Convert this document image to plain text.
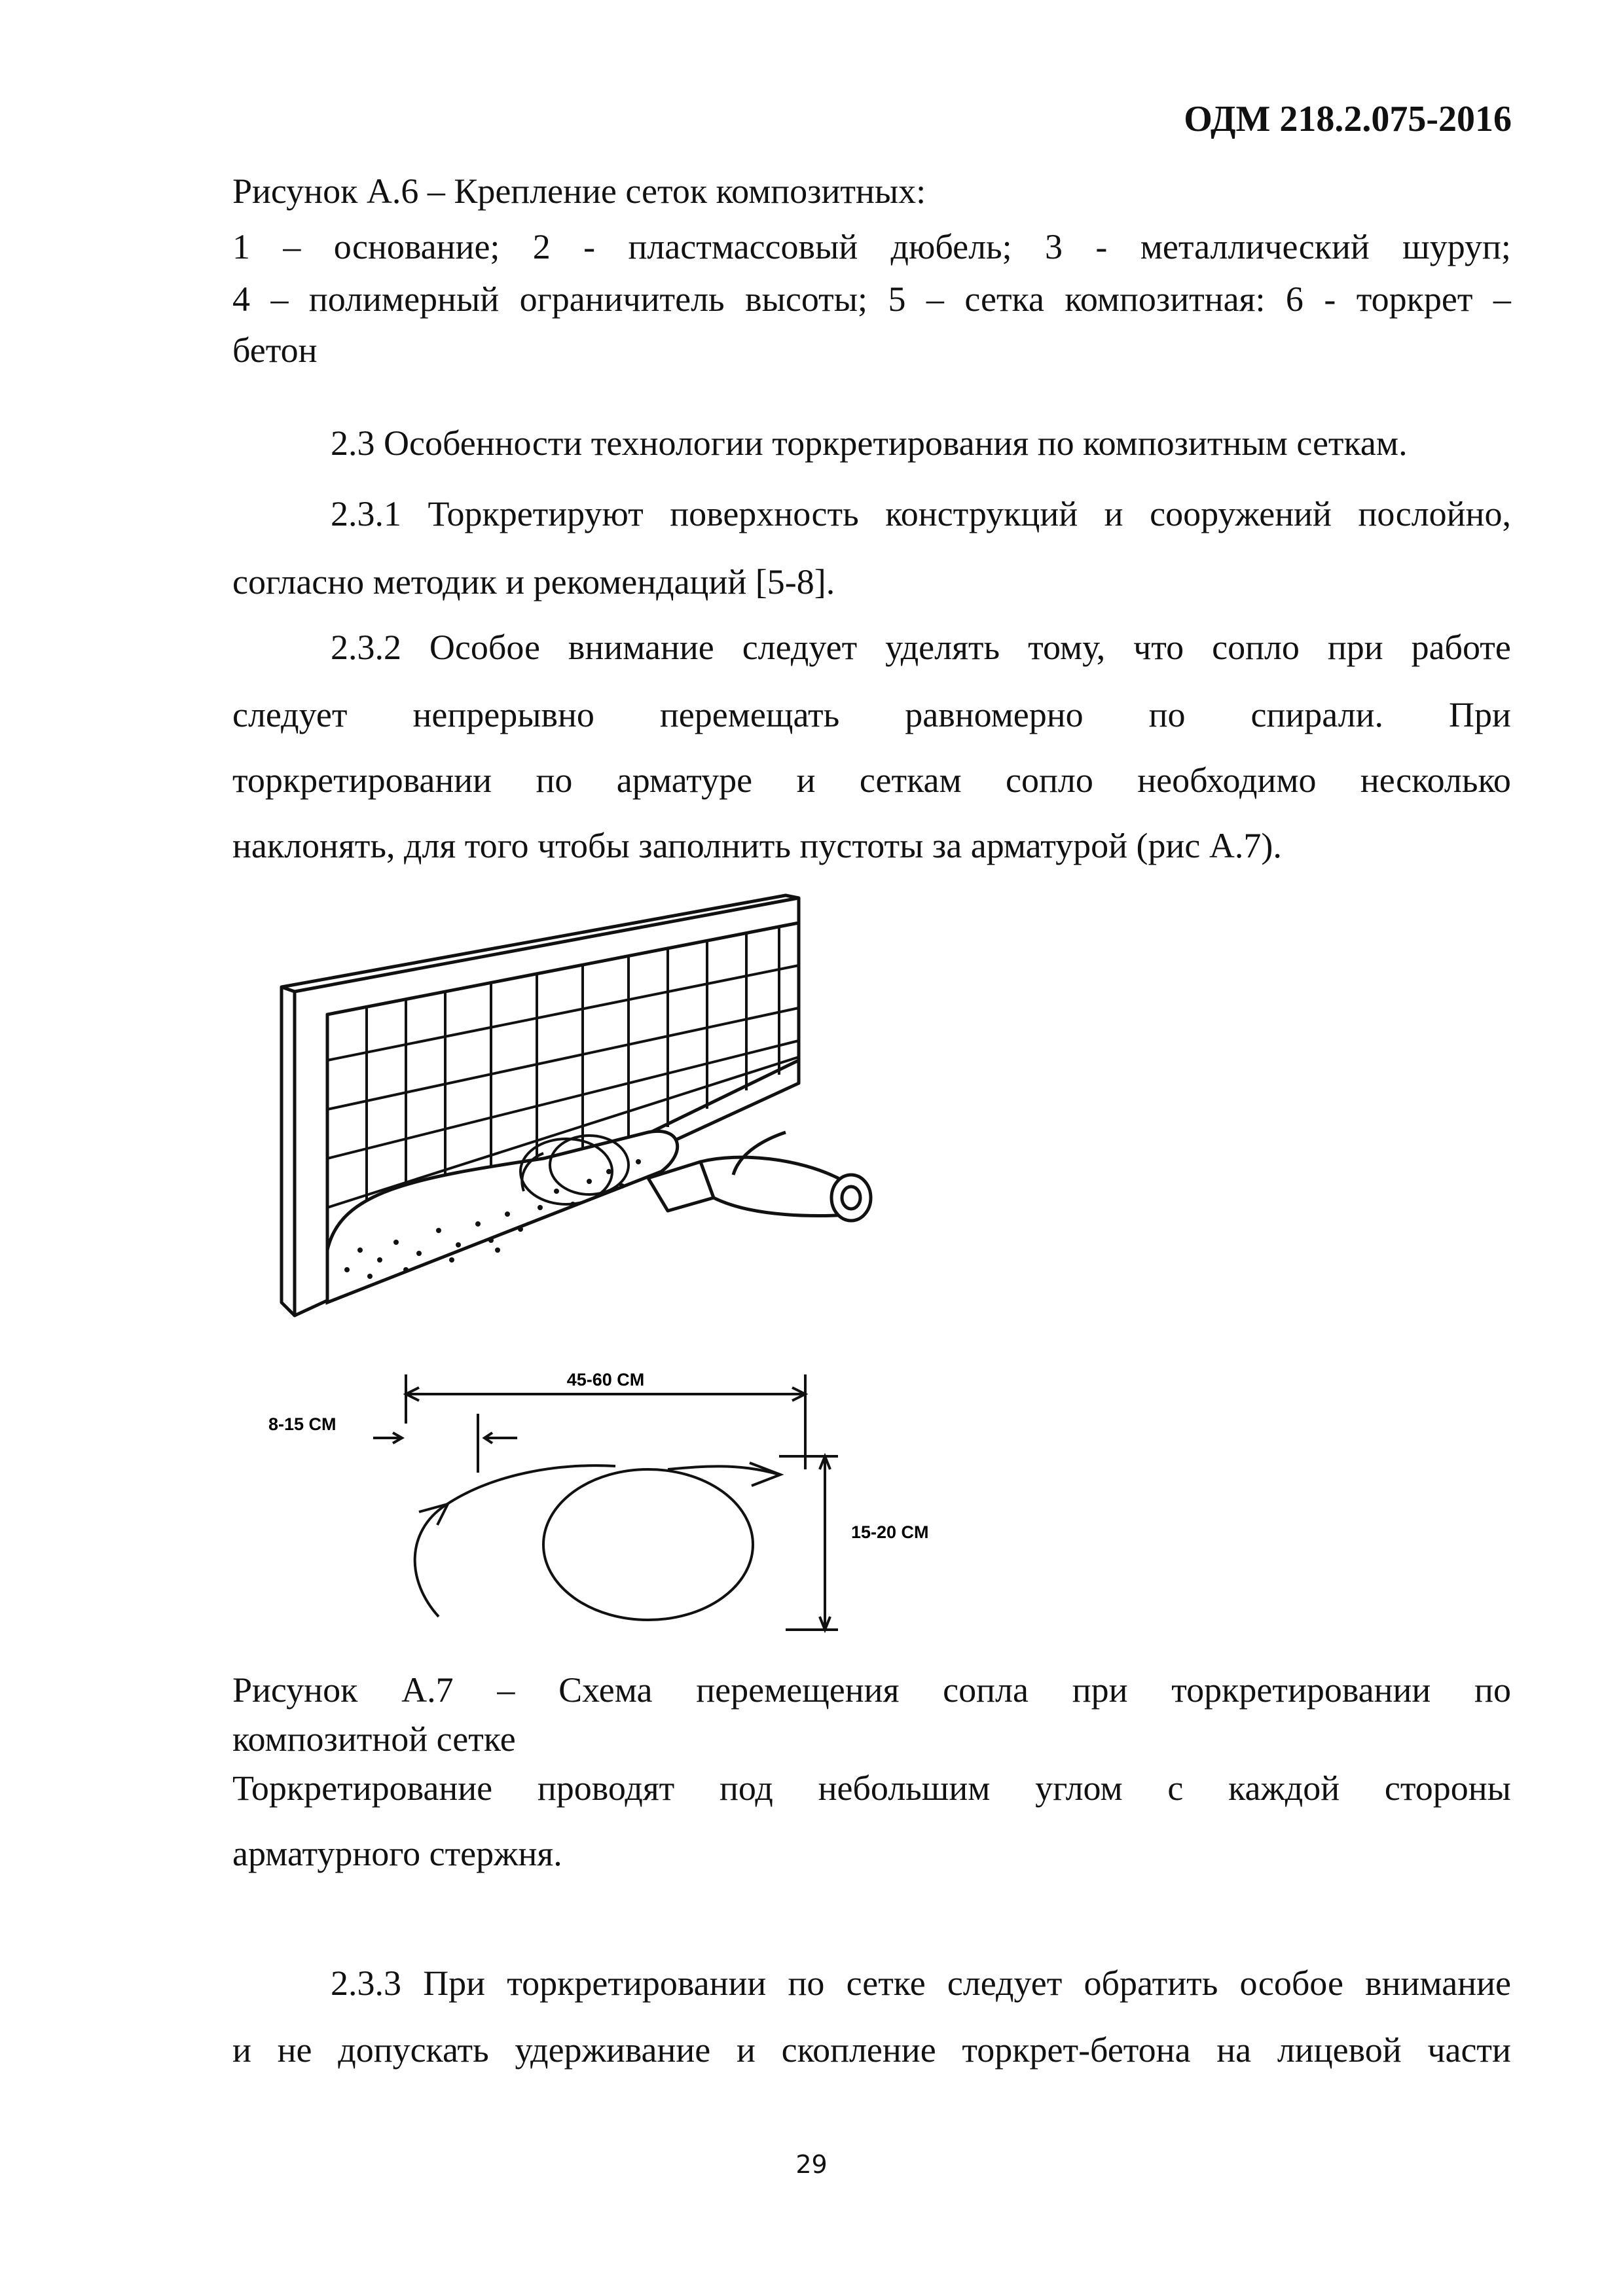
ОДМ 218.2.075-2016
Рисунок А.6 – Крепление сеток композитных:
1 – основание; 2 - пластмассовый дюбель; 3 - металлический шуруп;
4 – полимерный ограничитель высоты; 5 – сетка композитная: 6 - торкрет –
бетон
2.3 Особенности технологии торкретирования по композитным сеткам.
2.3.1 Торкретируют поверхность конструкций и сооружений послойно,
согласно методик и рекомендаций [5-8].
2.3.2 Особое внимание следует уделять тому, что сопло при работе
следует непрерывно перемещать равномерно по спирали. При
торкретировании по арматуре и сеткам сопло необходимо несколько
наклонять, для того чтобы заполнить пустоты за арматурой (рис А.7).
45-60 CM
8-15 CM
15-20 CM
Рисунок А.7 – Схема перемещения сопла при торкретировании по
композитной сетке
Торкретирование проводят под небольшим углом с каждой стороны
арматурного стержня.
2.3.3 При торкретировании по сетке следует обратить особое внимание
и не допускать удерживание и скопление торкрет-бетона на лицевой части
29
